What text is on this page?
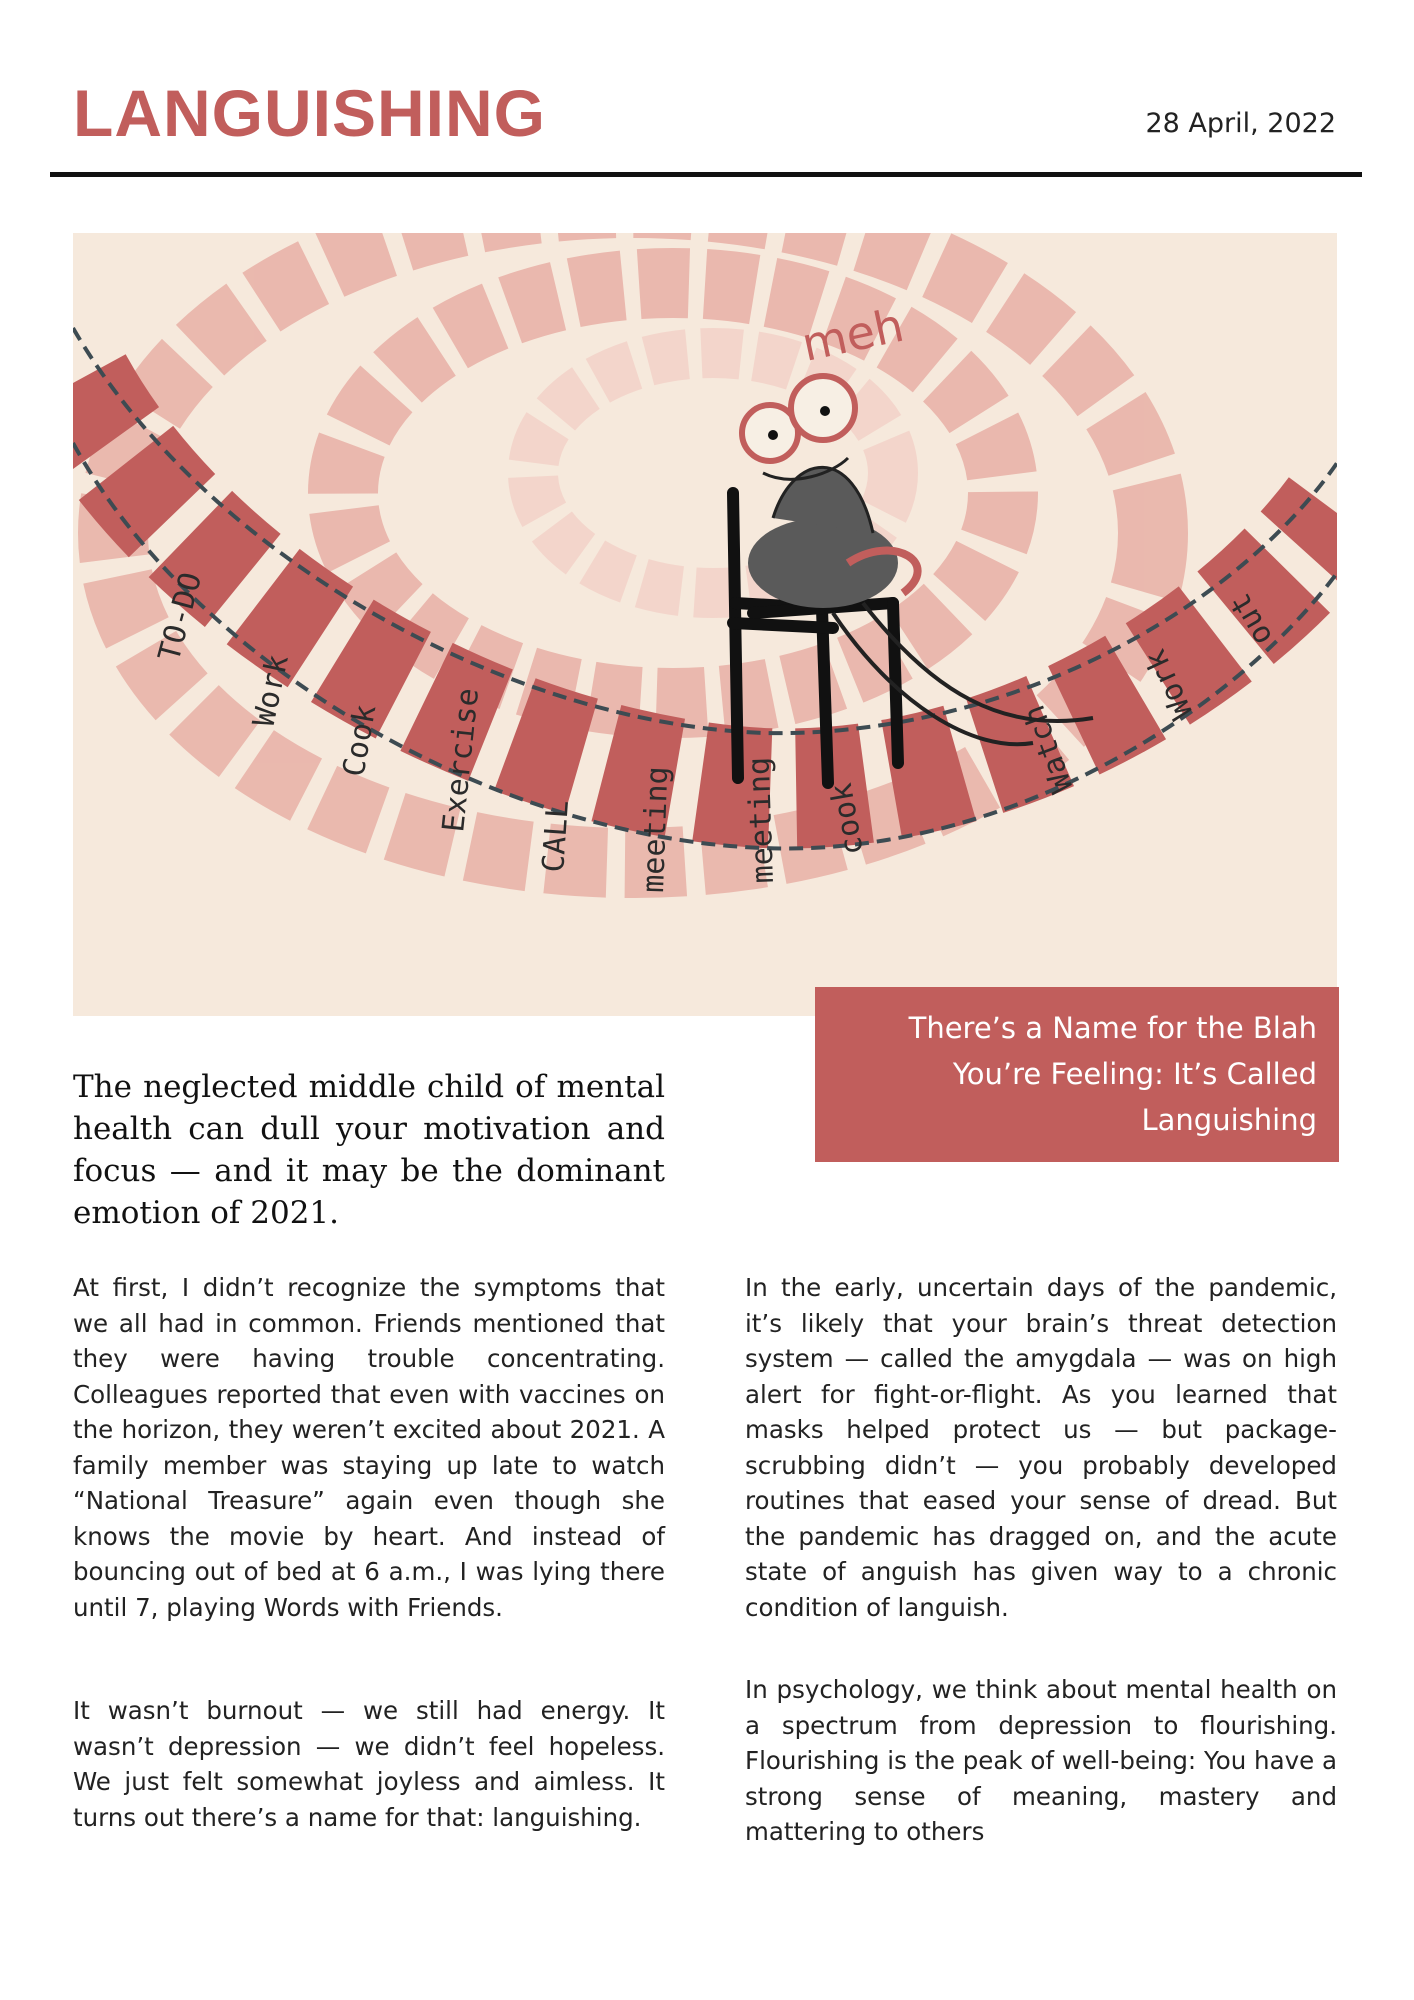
LANGUISHING	28 April, 2022
TO-DO
Work
Cook Exercise
CALL meeting meeting cook
Watch
Work
out
meh
There’s a Name for the Blah You’re Feeling: It’s Called Languishing
The neglected middle child of mental health can dull your motivation and focus — and it may be the dominant emotion of 2021.

At first, I didn’t recognize the symptoms that we all had in common. Friends mentioned that they were having trouble concentrating. Colleagues reported that even with vaccines on the horizon, they weren’t excited about 2021. A family member was staying up late to watch “National Treasure” again even though she knows the movie by heart. And instead of bouncing out of bed at 6 a.m., I was lying there until 7, playing Words with Friends.

It wasn’t burnout — we still had energy. It wasn’t depression — we didn’t feel hopeless. We just felt somewhat joyless and aimless. It turns out there’s a name for that: languishing.

In the early, uncertain days of the pandemic, it’s likely that your brain’s threat detection system — called the amygdala — was on high alert for fight-or-flight. As you learned that masks helped protect us — but package-scrubbing didn’t — you probably developed routines that eased your sense of dread. But the pandemic has dragged on, and the acute state of anguish has given way to a chronic condition of languish.

In psychology, we think about mental health on a spectrum from depression to flourishing. Flourishing is the peak of well-being: You have a strong sense of meaning, mastery and mattering to others
